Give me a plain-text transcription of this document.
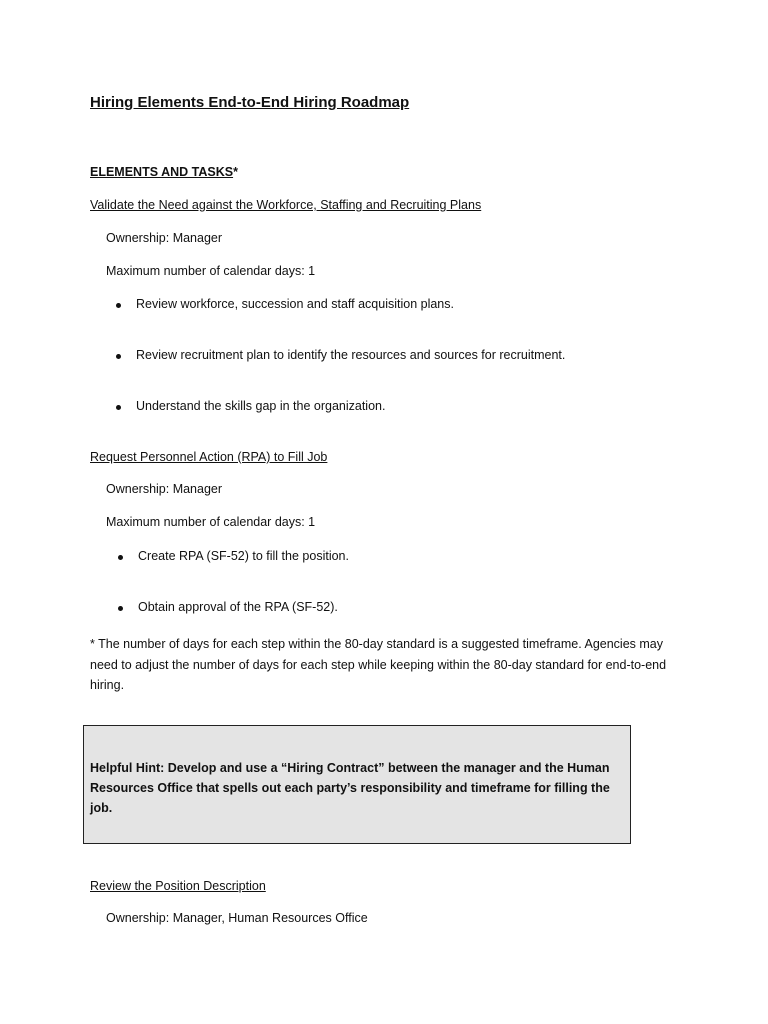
Hiring Elements End-to-End Hiring Roadmap
ELEMENTS AND TASKS*
Validate the Need against the Workforce, Staffing and Recruiting Plans
Ownership: Manager
Maximum number of calendar days: 1
Review workforce, succession and staff acquisition plans.
Review recruitment plan to identify the resources and sources for recruitment.
Understand the skills gap in the organization.
Request Personnel Action (RPA) to Fill Job
Ownership: Manager
Maximum number of calendar days: 1
Create RPA (SF-52) to fill the position.
Obtain approval of the RPA (SF-52).
* The number of days for each step within the 80-day standard is a suggested timeframe. Agencies may need to adjust the number of days for each step while keeping within the 80-day standard for end-to-end hiring.
Helpful Hint: Develop and use a “Hiring Contract” between the manager and the Human Resources Office that spells out each party’s responsibility and timeframe for filling the job.
Review the Position Description
Ownership: Manager, Human Resources Office
